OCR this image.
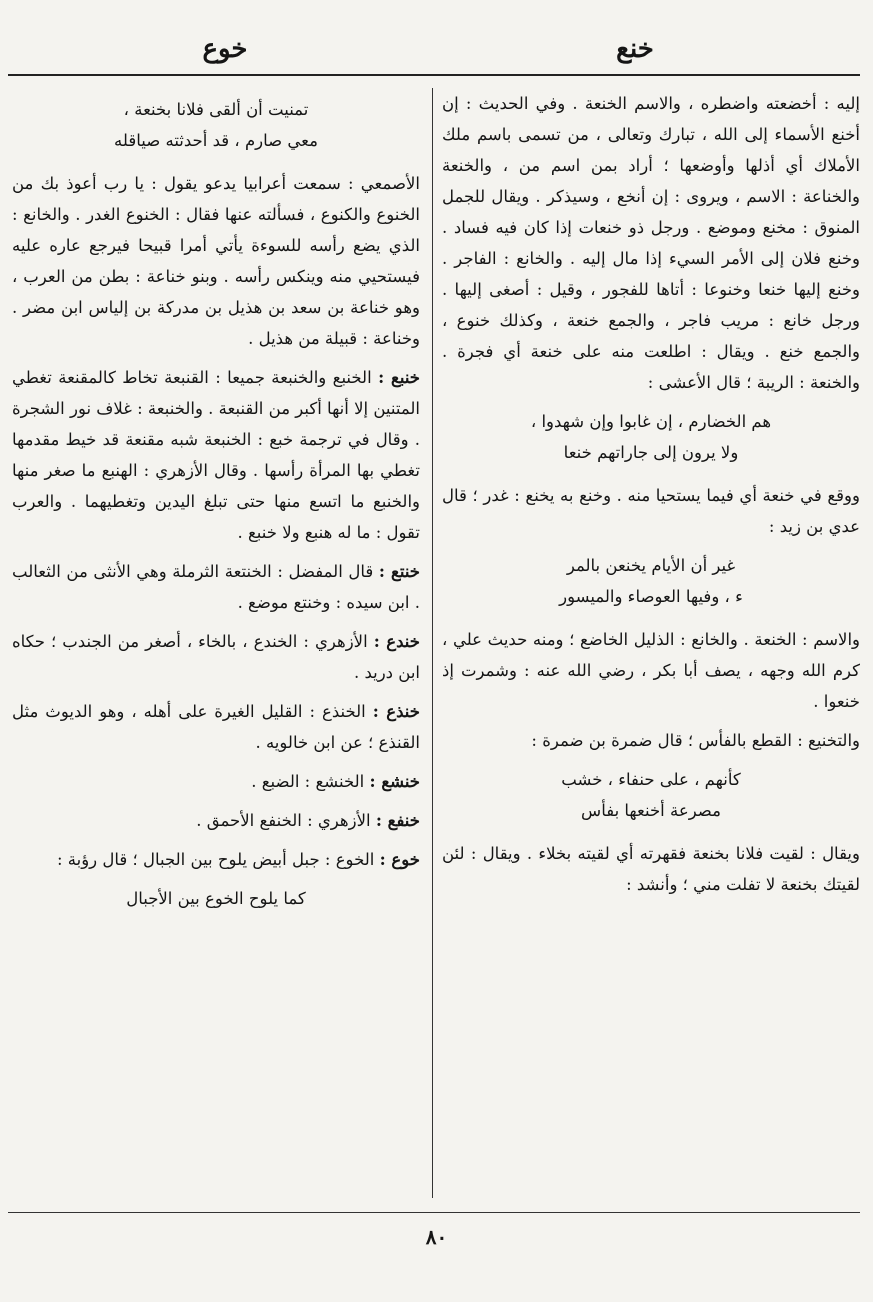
خنع
خوع

إليه : أخضعته واضطره ، والاسم الخنعة . وفي الحديث : إن أخنع الأسماء إلى الله ، تبارك وتعالى ، من تسمى باسم ملك الأملاك أي أذلها وأوضعها ؛ أراد بمن اسم من ، والخنعة والخناعة : الاسم ، ويروى : إن أنخع ، وسيذكر . ويقال للجمل المنوق : مخنع وموضع . ورجل ذو خنعات إذا كان فيه فساد . وخنع فلان إلى الأمر السيء إذا مال إليه . والخانع : الفاجر . وخنع إليها خنعا وخنوعا : أتاها للفجور ، وقيل : أصغى إليها . ورجل خانع : مريب فاجر ، والجمع خنعة ، وكذلك خنوع ، والجمع خنع . ويقال : اطلعت منه على خنعة أي فجرة . والخنعة : الريبة ؛ قال الأعشى :

هم الخضارم ، إن غابوا وإن شهدوا ،
ولا يرون إلى جاراتهم خنعا

ووقع في خنعة أي فيما يستحيا منه . وخنع به يخنع : غدر ؛ قال عدي بن زيد :

غير أن الأيام يخنعن بالمر
ء ، وفيها العوصاء والميسور

والاسم : الخنعة . والخانع : الذليل الخاضع ؛ ومنه حديث علي ، كرم الله وجهه ، يصف أبا بكر ، رضي الله عنه : وشمرت إذ خنعوا .

والتخنيع : القطع بالفأس ؛ قال ضمرة بن ضمرة :

كأنهم ، على حنفاء ، خشب
مصرعة أخنعها بفأس

ويقال : لقيت فلانا بخنعة فقهرته أي لقيته بخلاء . ويقال : لئن لقيتك بخنعة لا تفلت مني ؛ وأنشد :

تمنيت أن ألقى فلانا بخنعة ،
معي صارم ، قد أحدثته صياقله

الأصمعي : سمعت أعرابيا يدعو يقول : يا رب أعوذ بك من الخنوع والكنوع ، فسألته عنها فقال : الخنوع الغدر . والخانع : الذي يضع رأسه للسوءة يأتي أمرا قبيحا فيرجع عاره عليه فيستحيي منه وينكس رأسه . وبنو خناعة : بطن من العرب ، وهو خناعة بن سعد بن هذيل بن مدركة بن إلياس ابن مضر . وخناعة : قبيلة من هذيل .

خنبع : الخنبع والخنبعة جميعا : القنبعة تخاط كالمقنعة تغطي المتنين إلا أنها أكبر من القنبعة . والخنبعة : غلاف نور الشجرة . وقال في ترجمة خبع : الخنبعة شبه مقنعة قد خيط مقدمها تغطي بها المرأة رأسها . وقال الأزهري : الهنبع ما صغر منها والخنبع ما اتسع منها حتى تبلغ اليدين وتغطيهما . والعرب تقول : ما له هنبع ولا خنبع .

خنتع : قال المفضل : الخنتعة الثرملة وهي الأنثى من الثعالب . ابن سيده : وخنتع موضع .

خندع : الأزهري : الخندع ، بالخاء ، أصغر من الجندب ؛ حكاه ابن دريد .

خنذع : الخنذع : القليل الغيرة على أهله ، وهو الديوث مثل القنذع ؛ عن ابن خالويه .

خنشع : الخنشع : الضبع .

خنفع : الأزهري : الخنفع الأحمق .

خوع : الخوع : جبل أبيض يلوح بين الجبال ؛ قال رؤبة :

كما يلوح الخوع بين الأجبال
٨٠
